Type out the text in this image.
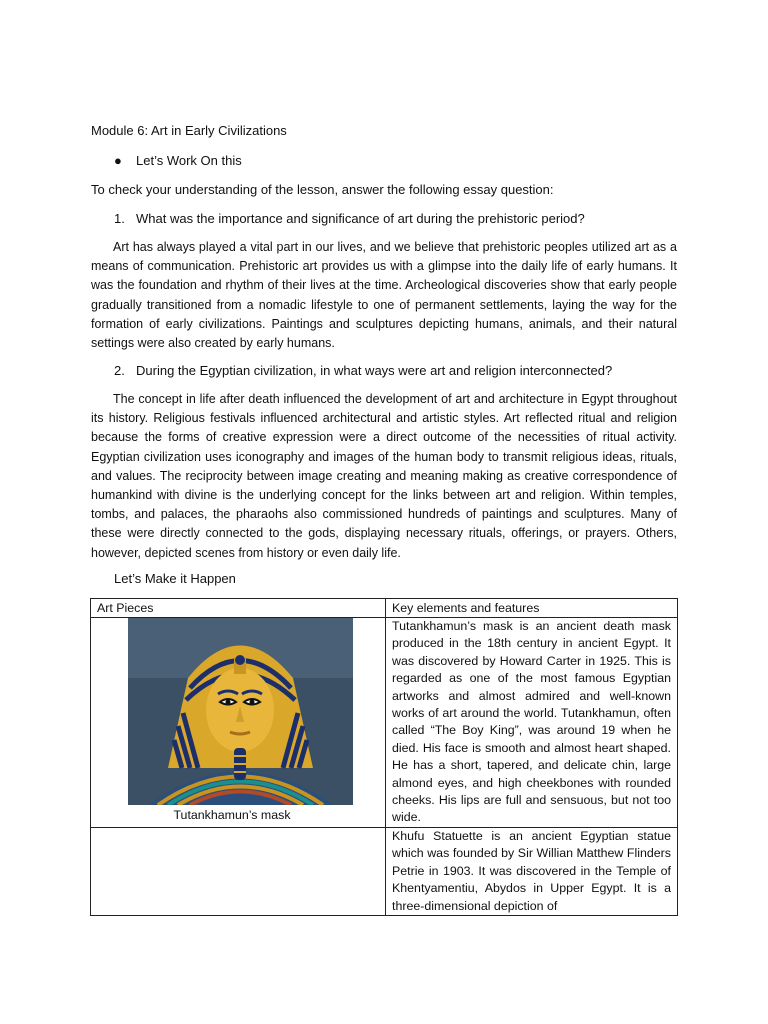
Module 6: Art in Early Civilizations
● Let’s Work On this
To check your understanding of the lesson, answer the following essay question:
1. What was the importance and significance of art during the prehistoric period?

Art has always played a vital part in our lives, and we believe that prehistoric peoples utilized art as a means of communication. Prehistoric art provides us with a glimpse into the daily life of early humans. It was the foundation and rhythm of their lives at the time. Archeological discoveries show that early people gradually transitioned from a nomadic lifestyle to one of permanent settlements, laying the way for the formation of early civilizations. Paintings and sculptures depicting humans, animals, and their natural settings were also created by early humans.

2. During the Egyptian civilization, in what ways were art and religion interconnected?

The concept in life after death influenced the development of art and architecture in Egypt throughout its history. Religious festivals influenced architectural and artistic styles. Art reflected ritual and religion because the forms of creative expression were a direct outcome of the necessities of ritual activity. Egyptian civilization uses iconography and images of the human body to transmit religious ideas, rituals, and values. The reciprocity between image creating and meaning making as creative correspondence of humankind with divine is the underlying concept for the links between art and religion. Within temples, tombs, and palaces, the pharaohs also commissioned hundreds of paintings and sculptures. Many of these were directly connected to the gods, displaying necessary rituals, offerings, or prayers. Others, however, depicted scenes from history or even daily life.

Let’s Make it Happen
Art Pieces	Key elements and features

Tutankhamun’s mask	Tutankhamun’s mask is an ancient death mask produced in the 18th century in ancient Egypt. It was discovered by Howard Carter in 1925. This is regarded as one of the most famous Egyptian artworks and almost admired and well-known works of art around the world. Tutankhamun, often called “The Boy King”, was around 19 when he died. His face is smooth and almost heart shaped. He has a short, tapered, and delicate chin, large almond eyes, and high cheekbones with rounded cheeks. His lips are full and sensuous, but not too wide.
	Khufu Statuette is an ancient Egyptian statue which was founded by Sir Willian Matthew Flinders Petrie in 1903. It was discovered in the Temple of Khentyamentiu, Abydos in Upper Egypt. It is a three-dimensional depiction of
